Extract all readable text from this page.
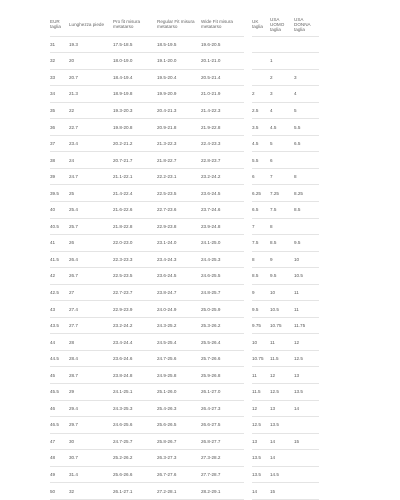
	EUR taglia	Lunghezza piede	Pro fit misura metatarso	Regular Fit misura metatarso	Wide Fit misura metatarso
	31	19.3	17.5-18.5	18.5-19.5	19.6-20.5
	32	20	18.0-19.0	19.1-20.0	20.1-21.0
	33	20.7	18.4-19.4	19.5-20.4	20.5-21.4
	34	21.3	18.9-19.8	19.9-20.9	21.0-21.9
	35	22	19.3-20.3	20.4-21.3	21.4-22.3
	36	22.7	19.8-20.8	20.9-21.8	21.9-22.8
	37	23.4	20.2-21.2	21.3-22.3	22.4-23.3
	38	24	20.7-21.7	21.8-22.7	22.8-23.7
	39	24.7	21.1-22.1	22.2-23.1	23.2-24.2
	39.5	25	21.4-22.4	22.5-23.5	23.6-24.5
	40	25.4	21.6-22.6	22.7-23.6	23.7-24.6
	40.5	25.7	21.8-22.8	22.9-23.8	23.9-24.8
	41	26	22.0-23.0	23.1-24.0	24.1-25.0
	41.5	26.4	22.3-23.3	23.4-24.3	24.4-25.3
	42	26.7	22.5-23.5	23.6-24.5	24.6-25.5
	42.5	27	22.7-23.7	23.8-24.7	24.8-25.7
	43	27.4	22.9-23.9	24.0-24.9	25.0-25.9
	43.5	27.7	23.2-24.2	24.3-25.2	25.3-26.2
	44	28	23.4-24.4	24.5-25.4	25.5-26.4
	44.5	28.4	23.6-24.6	24.7-25.6	25.7-26.6
	45	28.7	23.8-24.8	24.9-25.8	25.9-26.8
	45.5	29	24.1-25.1	25.1-26.0	26.1-27.0
	46	29.4	24.3-25.3	25.4-26.3	26.4-27.3
	46.5	29.7	24.6-25.6	25.6-26.5	26.6-27.5
	47	30	24.7-25.7	25.8-26.7	26.8-27.7
	48	30.7	25.2-26.2	26.3-27.3	27.3-28.2
	49	31.4	25.6-26.6	26.7-27.6	27.7-28.7
	50	32	26.1-27.1	27.2-28.1	28.2-29.1

	UK taglia	USA UOMO taglia	USA DONNA taglia	

		1		
		2	3	
	2	3	4	
	2.5	4	5	
	3.5	4.5	5.5	
	4.5	5	6.5	
	5.5	6		
	6	7	8	
	6.25	7.25	8.25	
	6.5	7.5	8.5	
	7	8		
	7.5	8.5	9.5	
	8	9	10	
	8.5	9.5	10.5	
	9	10	11	
	9.5	10.5	11	
	9.75	10.75	11.75	
	10	11	12	
	10.75	11.5	12.5	
	11	12	13	
	11.5	12.5	13.5	
	12	13	14	
	12.5	13.5		
	13	14	15	
	13.5	14		
	13.5	14.5		
	14	15		
